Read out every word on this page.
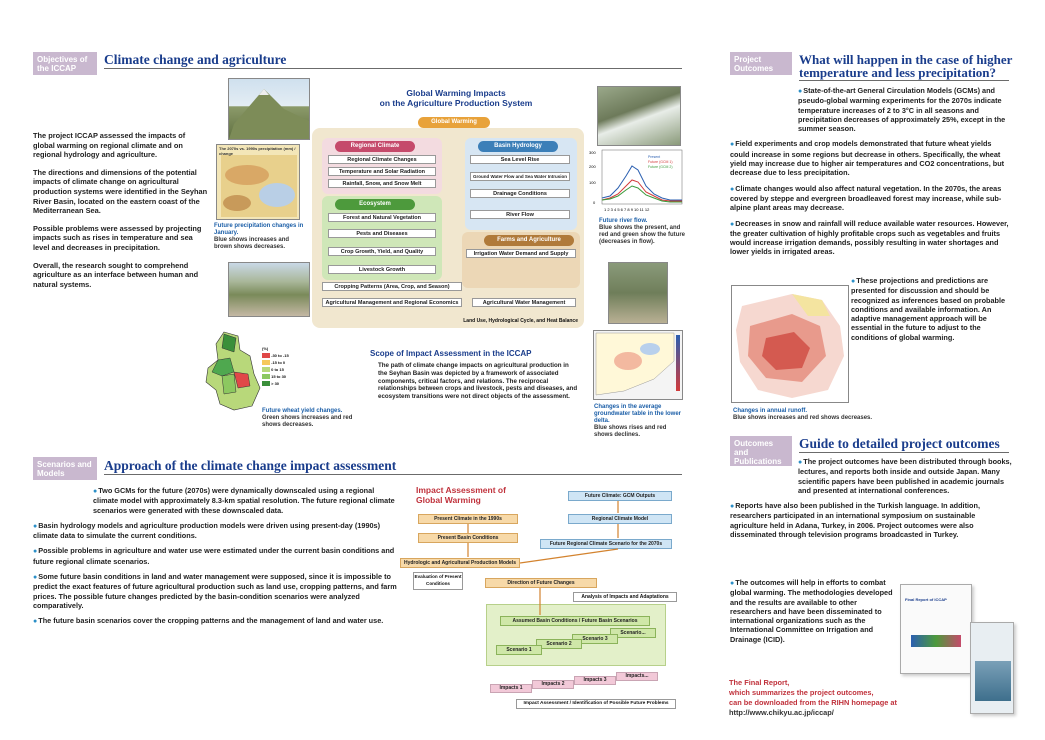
Objectives of the ICCAP
Climate change and agriculture

The project ICCAP assessed the impacts of global warming on regional climate and on regional hydrology and agriculture.

The directions and dimensions of the potential impacts of climate change on agricultural production systems were identified in the Seyhan River Basin, located on the eastern coast of the Mediterranean Sea.

Possible problems were assessed by projecting impacts such as rises in temperature and sea level and decreases in precipitation.

Overall, the research sought to comprehend agriculture as an interface between human and natural systems.

The 2070s vs. 1990s precipitation (mm) / change
Future precipitation changes in January.
Blue shows increases and brown shows decreases.
(%)
-30 to -15
-15 to 0
0 to 15
15 to 30
> 30
Future wheat yield changes.
Green shows increases and red shows decreases.
Global Warming Impacts
on the Agriculture Production System
Global Warming
Regional Climate
Regional Climate Changes
Temperature and Solar Radiation
Rainfall, Snow, and Snow Melt
Basin Hydrology
Sea Level Rise
Ground Water Flow and Sea Water Intrusion
Drainage Conditions
River Flow
Ecosystem
Forest and Natural Vegetation
Pests and Diseases
Crop Growth, Yield, and Quality
Livestock Growth
Farms and Agriculture
Irrigation Water Demand and Supply
Cropping Patterns (Area, Crop, and Season)
Agricultural Management and Regional Economics	Agricultural Water Management
Land Use, Hydrological Cycle, and Heat Balance
300
200
100
0
1 2 3 4 5 6 7 8 9 10 11 12
Present
Future (GCM 1)
Future (GCM 2)
Future river flow.
Blue shows the present, and red and green show the future (decreases in flow).
Scope of Impact Assessment in the ICCAP
The path of climate change impacts on agricultural production in the Seyhan Basin was depicted by a framework of associated components, critical factors, and relations. The reciprocal relationships between crops and livestock, pests and diseases, and ecosystem transitions were not direct objects of the assessment.
Changes in the average groundwater table in the lower delta.
Blue shows rises and red shows declines.
Scenarios and Models
Approach of the climate change impact assessment

● Two GCMs for the future (2070s) were dynamically downscaled using a regional climate model with approximately 8.3-km spatial resolution. The future regional climate scenarios were generated with these downscaled data.

● Basin hydrology models and agriculture production models were driven using present-day (1990s) climate data to simulate the current conditions.

● Possible problems in agriculture and water use were estimated under the current basin conditions and future regional climate scenarios.

● Some future basin conditions in land and water management were supposed, since it is impossible to predict the exact features of future agricultural production such as land use, cropping patterns, and farm prices. The possible future changes predicted by the basin-condition scenarios were analyzed comparatively.

● The future basin scenarios cover the cropping patterns and the management of land and water use.

Impact Assessment of
Global Warming	Future Climate: GCM Outputs
Regional Climate Model
Present Climate in the 1990s
Present Basin Conditions
Future Regional Climate Scenario for the 2070s
Hydrologic and Agricultural Production Models
Evaluation of Present Conditions	Direction of Future Changes
Analysis of Impacts and Adaptations
Assumed Basin Conditions / Future Basin Scenarios
Scenario...
Scenario 3
Scenario 2
Scenario 1
Impacts 1
Impacts 2
Impacts 3
Impacts...
Impact Assessment / Identification of Possible Future Problems
Project Outcomes
What will happen in the case of higher
temperature and less precipitation?

● State-of-the-art General Circulation Models (GCMs) and pseudo-global warming experiments for the 2070s indicate temperature increases of 2 to 3°C in all seasons and precipitation decreases of approximately 25%, except in the summer season.

● Field experiments and crop models demonstrated that future wheat yields could increase in some regions but decrease in others. Specifically, the wheat yield may increase due to higher air temperatures and CO2 concentrations, but decrease due to less precipitation.

● Climate changes would also affect natural vegetation. In the 2070s, the areas covered by steppe and evergreen broadleaved forest may increase, while sub-alpine plant areas may decrease.

● Decreases in snow and rainfall will reduce available water resources. However, the greater cultivation of highly profitable crops such as vegetables and fruits would increase irrigation demands, possibly resulting in water shortages and lower yields in irrigated areas.

● These projections and predictions are presented for discussion and should be recognized as inferences based on probable conditions and available information. An adaptive management approach will be essential in the future to adjust to the conditions of global warming.

Changes in annual runoff.
Blue shows increases and red shows decreases.
Outcomes and Publications
Guide to detailed project outcomes

● The project outcomes have been distributed through books, lectures, and reports both inside and outside Japan. Many scientific papers have been published in academic journals and presented at international conferences.

● Reports have also been published in the Turkish language. In addition, researchers participated in an international symposium on sustainable agriculture held in Adana, Turkey, in 2006. Project outcomes were also disseminated through television programs broadcasted in Turkey.

● The outcomes will help in efforts to combat global warming. The methodologies developed and the results are available to other researchers and have been disseminated to international organizations such as the International Committee on Irrigation and Drainage (ICID).

Final Report of ICCAP
The Final Report,
which summarizes the project outcomes,
can be downloaded from the RIHN homepage at
http://www.chikyu.ac.jp/iccap/
